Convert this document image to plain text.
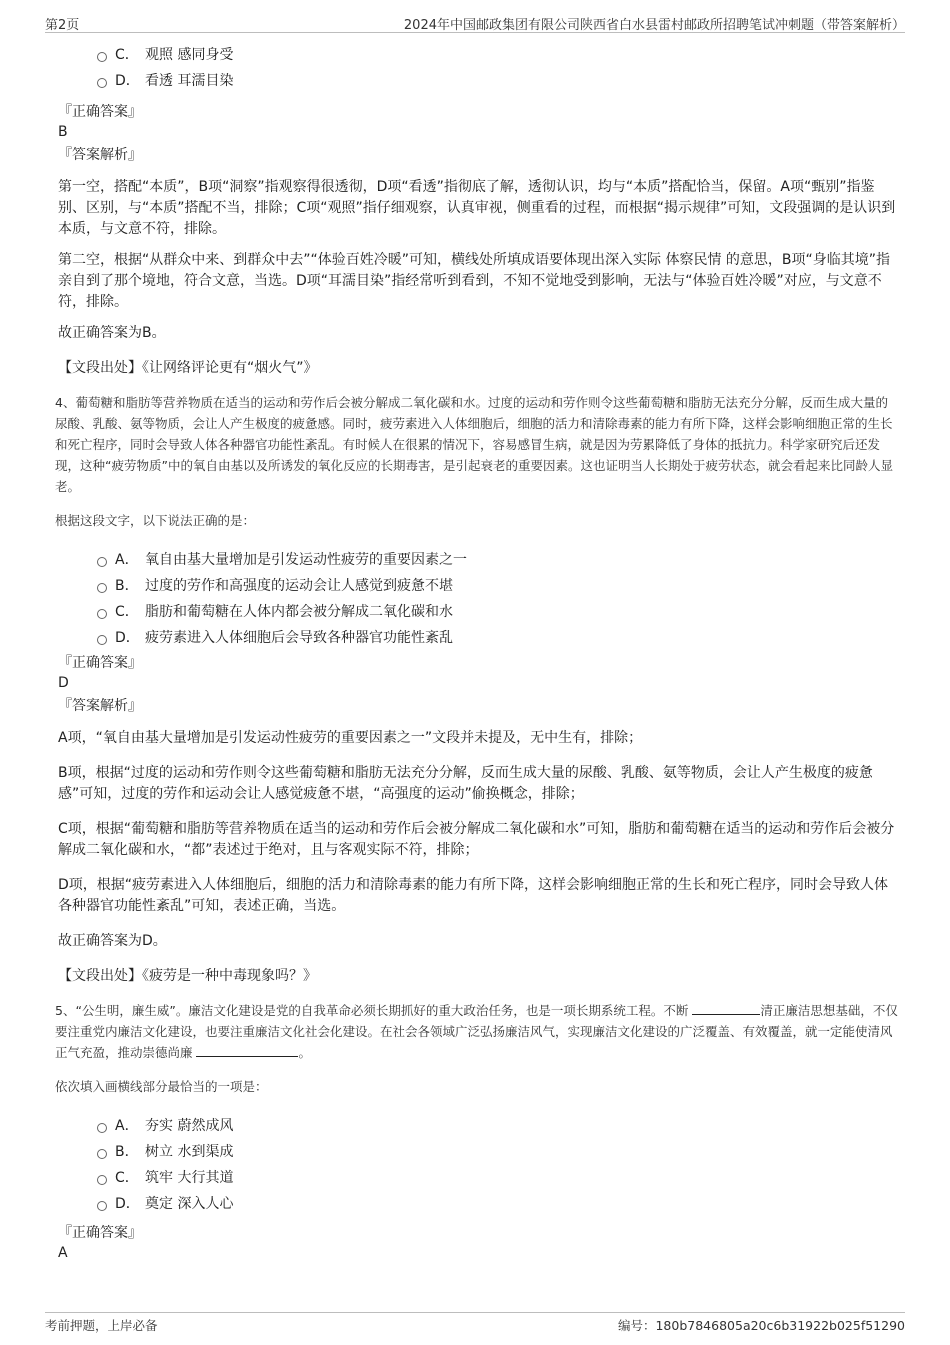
第2页	2024年中国邮政集团有限公司陕西省白水县雷村邮政所招聘笔试冲刺题（带答案解析）
C． 观照 感同身受
D． 看透 耳濡目染
『正确答案』
B
『答案解析』
第一空，搭配“本质”，B项“洞察”指观察得很透彻，D项“看透”指彻底了解，透彻认识，均与“本质”搭配恰当，保留。A项“甄别”指鉴别、区别，与“本质”搭配不当，排除；C项“观照”指仔细观察，认真审视，侧重看的过程，而根据“揭示规律”可知，文段强调的是认识到本质，与文意不符，排除。
第二空，根据“从群众中来、到群众中去”“体验百姓冷暖”可知，横线处所填成语要体现出深入实际 体察民情 的意思，B项“身临其境”指亲自到了那个境地，符合文意，当选。D项“耳濡目染”指经常听到看到，不知不觉地受到影响，无法与“体验百姓冷暖”对应，与文意不符，排除。
故正确答案为B。
【文段出处】《让网络评论更有“烟火气”》
4、葡萄糖和脂肪等营养物质在适当的运动和劳作后会被分解成二氧化碳和水。过度的运动和劳作则令这些葡萄糖和脂肪无法充分分解，反而生成大量的尿酸、乳酸、氨等物质，会让人产生极度的疲惫感。同时，疲劳素进入人体细胞后，细胞的活力和清除毒素的能力有所下降，这样会影响细胞正常的生长和死亡程序，同时会导致人体各种器官功能性紊乱。有时候人在很累的情况下，容易感冒生病，就是因为劳累降低了身体的抵抗力。科学家研究后还发现，这种“疲劳物质”中的氧自由基以及所诱发的氧化反应的长期毒害，是引起衰老的重要因素。这也证明当人长期处于疲劳状态，就会看起来比同龄人显老。
根据这段文字，以下说法正确的是：
A． 氧自由基大量增加是引发运动性疲劳的重要因素之一
B． 过度的劳作和高强度的运动会让人感觉到疲惫不堪
C． 脂肪和葡萄糖在人体内都会被分解成二氧化碳和水
D． 疲劳素进入人体细胞后会导致各种器官功能性紊乱
『正确答案』
D
『答案解析』
A项，“氧自由基大量增加是引发运动性疲劳的重要因素之一”文段并未提及，无中生有，排除；
B项，根据“过度的运动和劳作则令这些葡萄糖和脂肪无法充分分解，反而生成大量的尿酸、乳酸、氨等物质，会让人产生极度的疲惫感”可知，过度的劳作和运动会让人感觉疲惫不堪，“高强度的运动”偷换概念，排除；
C项，根据“葡萄糖和脂肪等营养物质在适当的运动和劳作后会被分解成二氧化碳和水”可知，脂肪和葡萄糖在适当的运动和劳作后会被分解成二氧化碳和水，“都”表述过于绝对，且与客观实际不符，排除；
D项，根据“疲劳素进入人体细胞后，细胞的活力和清除毒素的能力有所下降，这样会影响细胞正常的生长和死亡程序，同时会导致人体各种器官功能性紊乱”可知，表述正确，当选。
故正确答案为D。
【文段出处】《疲劳是一种中毒现象吗？》
5、“公生明，廉生威”。廉洁文化建设是党的自我革命必须长期抓好的重大政治任务，也是一项长期系统工程。不断	清正廉洁思想基础，不仅要注重党内廉洁文化建设，也要注重廉洁文化社会化建设。在社会各领域广泛弘扬廉洁风气，实现廉洁文化建设的广泛覆盖、有效覆盖，就一定能使清风正气充盈，推动崇德尚廉	。
依次填入画横线部分最恰当的一项是：
A． 夯实 蔚然成风
B． 树立 水到渠成
C． 筑牢 大行其道
D． 奠定 深入人心
『正确答案』
A
考前押题，上岸必备	编号：180b7846805a20c6b31922b025f51290
